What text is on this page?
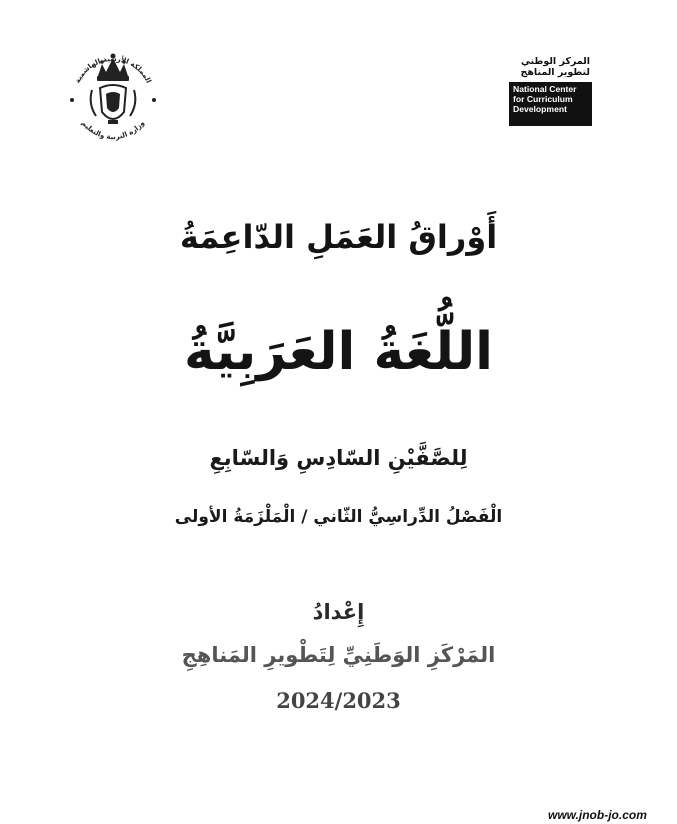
المملكة الأردنية الهاشمية
وزارة التربية والتعليم
المركز الوطني
لتطوير المناهج
National Center
for Curriculum
Development
أَوْراقُ العَمَلِ الدّاعِمَةُ
اللُّغَةُ العَرَبِيَّةُ
لِلصَّفَّيْنِ السّادِسِ وَالسّابِعِ
الْفَصْلُ الدِّراسِيُّ الثّاني / الْمَلْزَمَةُ الأولى
إِعْدادُ
المَرْكَزِ الوَطَنِيِّ لِتَطْويرِ المَناهِجِ
2024/2023
www.jnob-jo.com
